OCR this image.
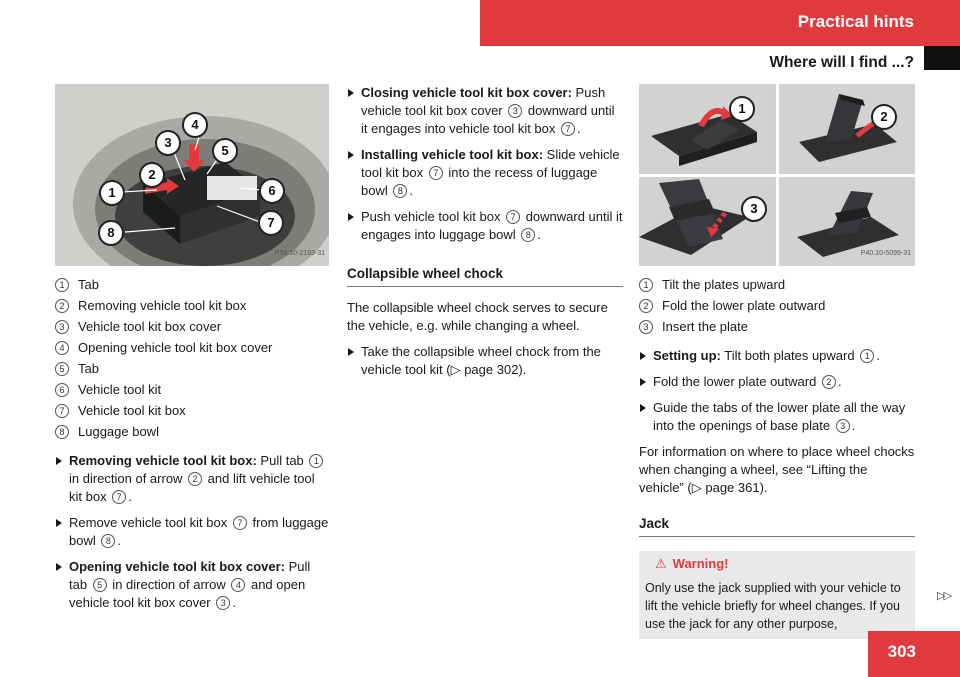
Practical hints
Where will I find ...?
1
2
3
4
5
6
7
8
P58.10-2193-31
1 Tab
2 Removing vehicle tool kit box
3 Vehicle tool kit box cover
4 Opening vehicle tool kit box cover
5 Tab
6 Vehicle tool kit
7 Vehicle tool kit box
8 Luggage bowl
Removing vehicle tool kit box: Pull tab 1 in direction of arrow 2 and lift vehicle tool kit box 7 .
Remove vehicle tool kit box 7 from luggage bowl 8 .
Opening vehicle tool kit box cover: Pull tab 5 in direction of arrow 4 and open vehicle tool kit box cover 3 .
Closing vehicle tool kit box cover: Push vehicle tool kit box cover 3 downward until it engages into vehicle tool kit box 7 .
Installing vehicle tool kit box: Slide vehicle tool kit box 7 into the recess of luggage bowl 8 .
Push vehicle tool kit box 7 downward until it engages into luggage bowl 8 .
Collapsible wheel chock
The collapsible wheel chock serves to secure the vehicle, e.g. while changing a wheel.
Take the collapsible wheel chock from the vehicle tool kit (▷ page 302).
1
2
3
P40.10-5099-31
1 Tilt the plates upward
2 Fold the lower plate outward
3 Insert the plate
Setting up: Tilt both plates upward 1 .
Fold the lower plate outward 2 .
Guide the tabs of the lower plate all the way into the openings of base plate 3 .
For information on where to place wheel chocks when changing a wheel, see “Lifting the vehicle” (▷ page 361).
Jack
⚠ Warning!
Only use the jack supplied with your vehicle to lift the vehicle briefly for wheel changes. If you use the jack for any other purpose,
▷▷
303
